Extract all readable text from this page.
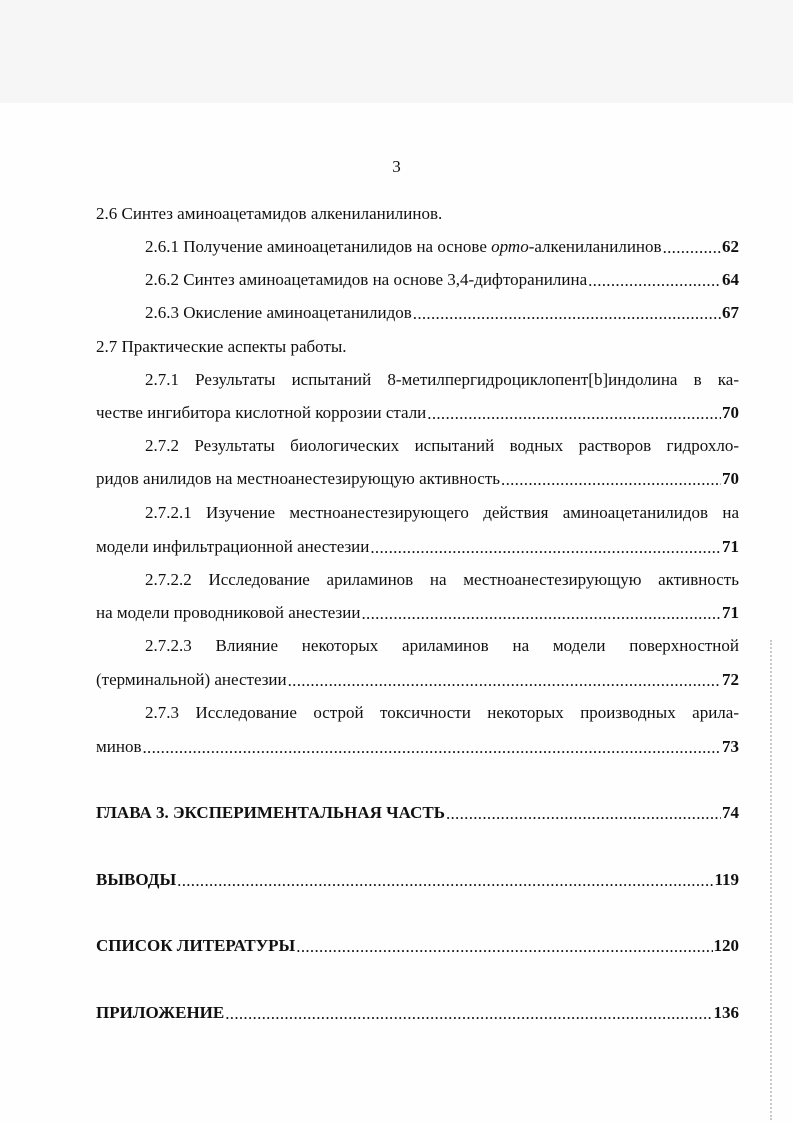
3
2.6 Синтез аминоацетамидов алкениланилинов.
2.6.1 Получение аминоацетанилидов на основе орто-алкениланилинов .....	62
2.6.2 Синтез аминоацетамидов на основе 3,4-дифторанилина .....	64
2.6.3 Окисление аминоацетанилидов .....	67
2.7 Практические аспекты работы.
2.7.1 Результаты испытаний 8-метилпергидроциклопент[b]индолина в ка-
честве ингибитора кислотной коррозии стали .....	70
2.7.2 Результаты биологических испытаний водных растворов гидрохло-
ридов анилидов на местноанестезирующую активность .....	70
2.7.2.1 Изучение местноанестезирующего действия аминоацетанилидов на
модели инфильтрационной анестезии .....	71
2.7.2.2 Исследование ариламинов на местноанестезирующую активность
на модели проводниковой анестезии .....	71
2.7.2.3 Влияние некоторых ариламинов на модели поверхностной
(терминальной) анестезии .....	72
2.7.3 Исследование острой токсичности некоторых производных арила-
минов .....	73
ГЛАВА 3. ЭКСПЕРИМЕНТАЛЬНАЯ ЧАСТЬ .....	74
ВЫВОДЫ .....	119
СПИСОК ЛИТЕРАТУРЫ .....	120
ПРИЛОЖЕНИЕ .....	136
